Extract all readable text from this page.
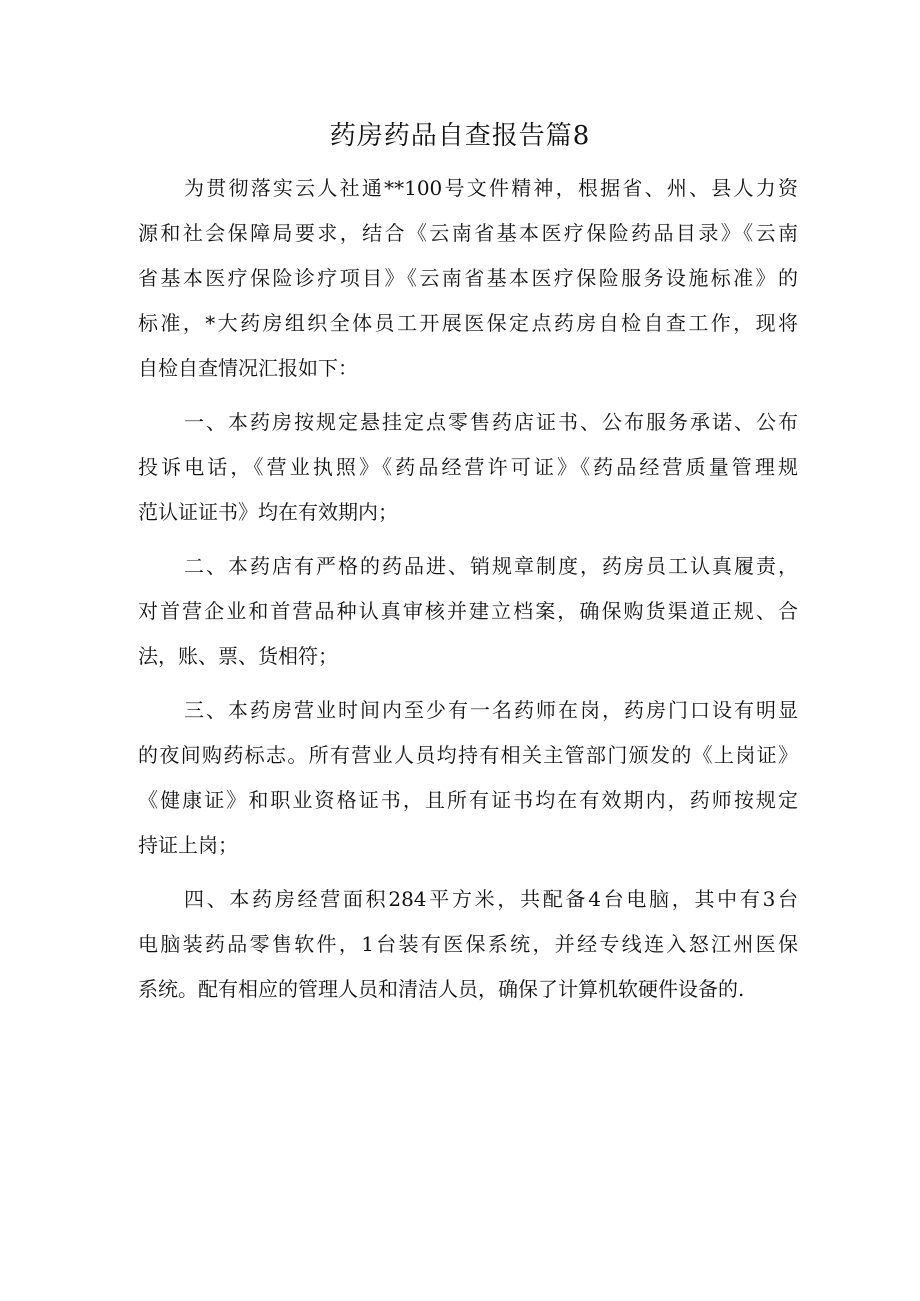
药房药品自查报告篇8
为贯彻落实云人社通**100号文件精神，根据省、州、县人力资
源和社会保障局要求，结合《云南省基本医疗保险药品目录》《云南
省基本医疗保险诊疗项目》《云南省基本医疗保险服务设施标准》的
标准，*大药房组织全体员工开展医保定点药房自检自查工作，现将
自检自查情况汇报如下：
一、本药房按规定悬挂定点零售药店证书、公布服务承诺、公布
投诉电话，《营业执照》《药品经营许可证》《药品经营质量管理规
范认证证书》均在有效期内；
二、本药店有严格的药品进、销规章制度，药房员工认真履责，
对首营企业和首营品种认真审核并建立档案，确保购货渠道正规、合
法，账、票、货相符；
三、本药房营业时间内至少有一名药师在岗，药房门口设有明显
的夜间购药标志。所有营业人员均持有相关主管部门颁发的《上岗证》
《健康证》和职业资格证书，且所有证书均在有效期内，药师按规定
持证上岗；
四、本药房经营面积284平方米，共配备4台电脑，其中有3台
电脑装药品零售软件，1台装有医保系统，并经专线连入怒江州医保
系统。配有相应的管理人员和清洁人员，确保了计算机软硬件设备的.
